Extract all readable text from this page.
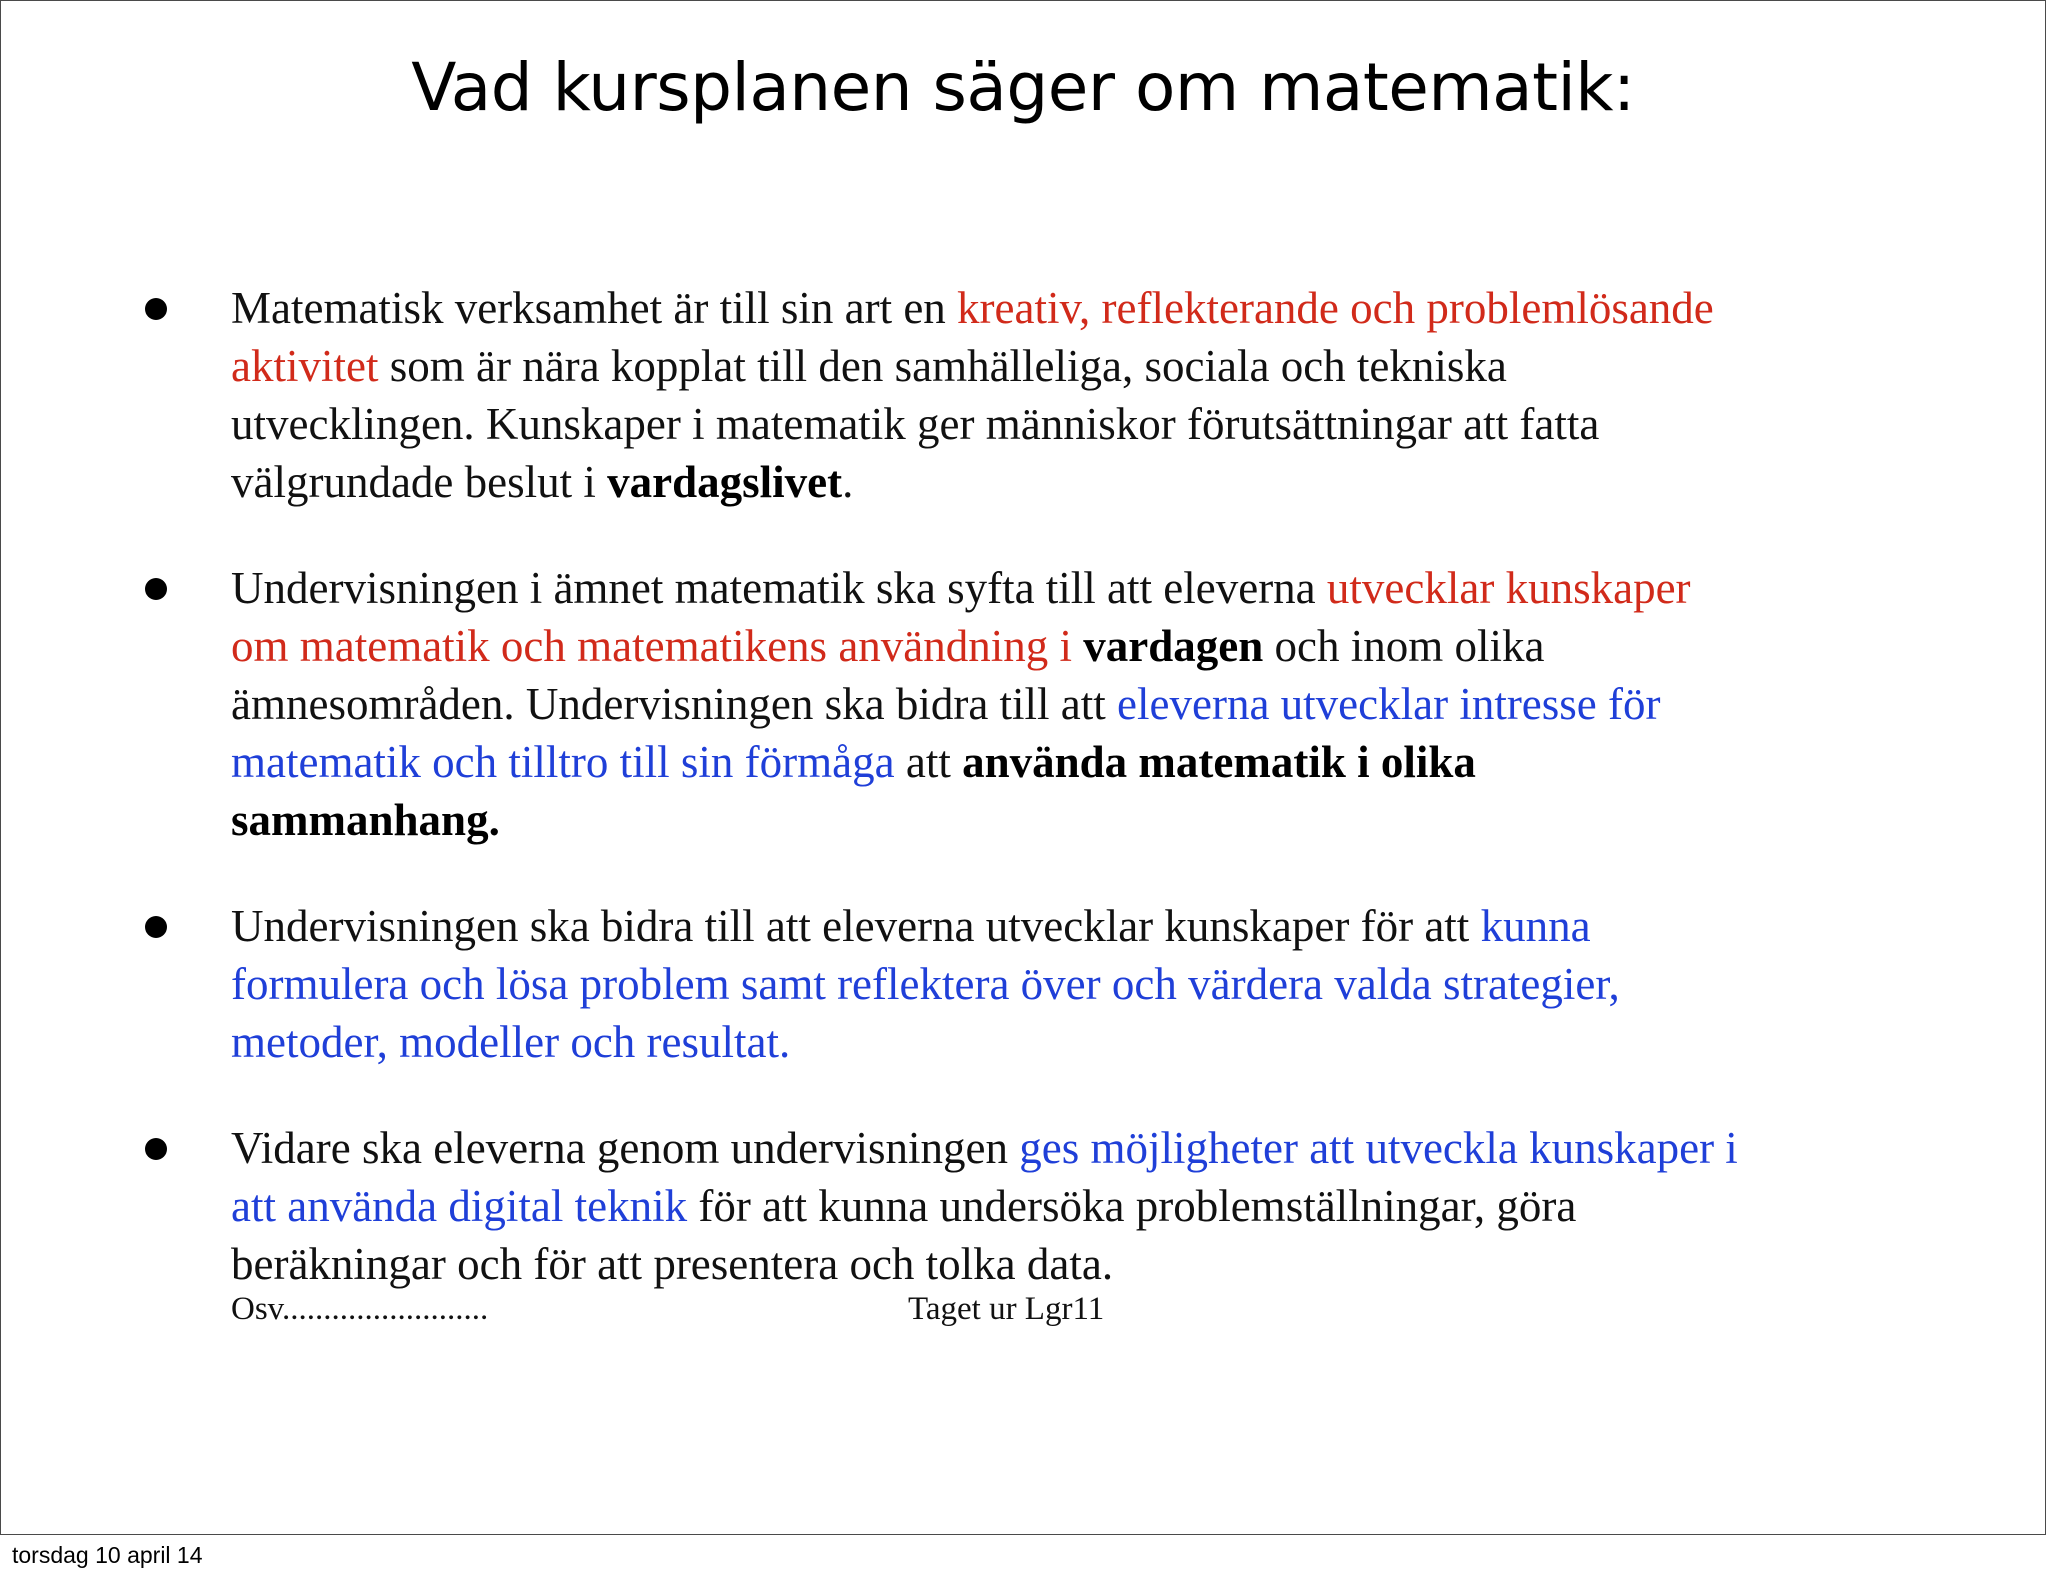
Vad kursplanen säger om matematik:
Matematisk verksamhet är till sin art en kreativ, reflekterande och problemlösande aktivitet som är nära kopplat till den samhälleliga, sociala och tekniska utvecklingen. Kunskaper i matematik ger människor förutsättningar att fatta välgrundade beslut i vardagslivet.
Undervisningen i ämnet matematik ska syfta till att eleverna utvecklar kunskaper om matematik och matematikens användning i vardagen och inom olika ämnesområden. Undervisningen ska bidra till att eleverna utvecklar intresse för matematik och tilltro till sin förmåga att använda matematik i olika sammanhang.
Undervisningen ska bidra till att eleverna utvecklar kunskaper för att kunna formulera och lösa problem samt reflektera över och värdera valda strategier, metoder, modeller och resultat.
Vidare ska eleverna genom undervisningen ges möjligheter att utveckla kunskaper i att använda digital teknik för att kunna undersöka problemställningar, göra beräkningar och för att presentera och tolka data.
Osv.........................	Taget ur Lgr11
torsdag 10 april 14
